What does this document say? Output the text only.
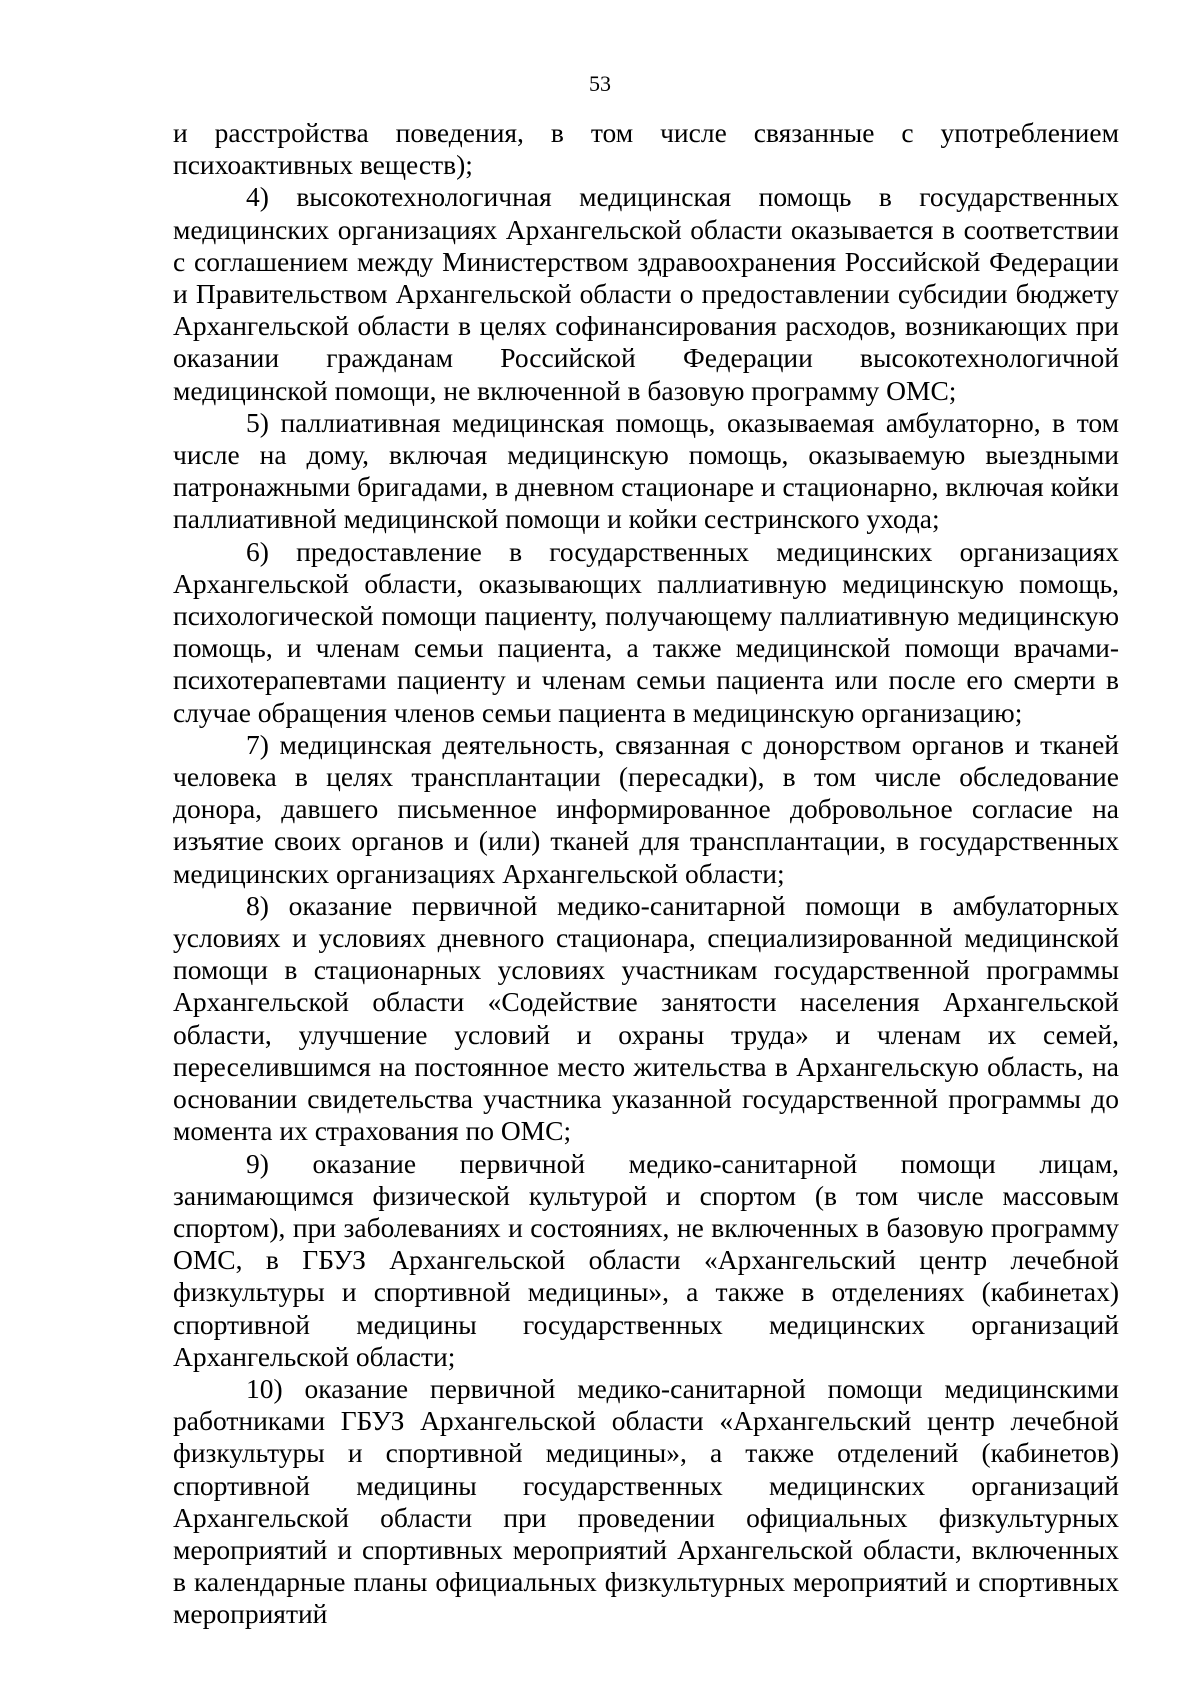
53

и расстройства поведения, в том числе связанные с употреблением психоактивных веществ);

4) высокотехнологичная медицинская помощь в государственных медицинских организациях Архангельской области оказывается в соответствии с соглашением между Министерством здравоохранения Российской Федерации и Правительством Архангельской области о предоставлении субсидии бюджету Архангельской области в целях софинансирования расходов, возникающих при оказании гражданам Российской Федерации высокотехнологичной медицинской помощи, не включенной в базовую программу ОМС;

5) паллиативная медицинская помощь, оказываемая амбулаторно, в том числе на дому, включая медицинскую помощь, оказываемую выездными патронажными бригадами, в дневном стационаре и стационарно, включая койки паллиативной медицинской помощи и койки сестринского ухода;

6) предоставление в государственных медицинских организациях Архангельской области, оказывающих паллиативную медицинскую помощь, психологической помощи пациенту, получающему паллиативную медицинскую помощь, и членам семьи пациента, а также медицинской помощи врачами-психотерапевтами пациенту и членам семьи пациента или после его смерти в случае обращения членов семьи пациента в медицинскую организацию;

7) медицинская деятельность, связанная с донорством органов и тканей человека в целях трансплантации (пересадки), в том числе обследование донора, давшего письменное информированное добровольное согласие на изъятие своих органов и (или) тканей для трансплантации, в государственных медицинских организациях Архангельской области;

8) оказание первичной медико-санитарной помощи в амбулаторных условиях и условиях дневного стационара, специализированной медицинской помощи в стационарных условиях участникам государственной программы Архангельской области «Содействие занятости населения Архангельской области, улучшение условий и охраны труда» и членам их семей, переселившимся на постоянное место жительства в Архангельскую область, на основании свидетельства участника указанной государственной программы до момента их страхования по ОМС;

9) оказание первичной медико-санитарной помощи лицам, занимающимся физической культурой и спортом (в том числе массовым спортом), при заболеваниях и состояниях, не включенных в базовую программу ОМС, в ГБУЗ Архангельской области «Архангельский центр лечебной физкультуры и спортивной медицины», а также в отделениях (кабинетах) спортивной медицины государственных медицинских организаций Архангельской области;

10) оказание первичной медико-санитарной помощи медицинскими работниками ГБУЗ Архангельской области «Архангельский центр лечебной физкультуры и спортивной медицины», а также отделений (кабинетов) спортивной медицины государственных медицинских организаций Архангельской области при проведении официальных физкультурных мероприятий и спортивных мероприятий Архангельской области, включенных в календарные планы официальных физкультурных мероприятий и спортивных мероприятий
